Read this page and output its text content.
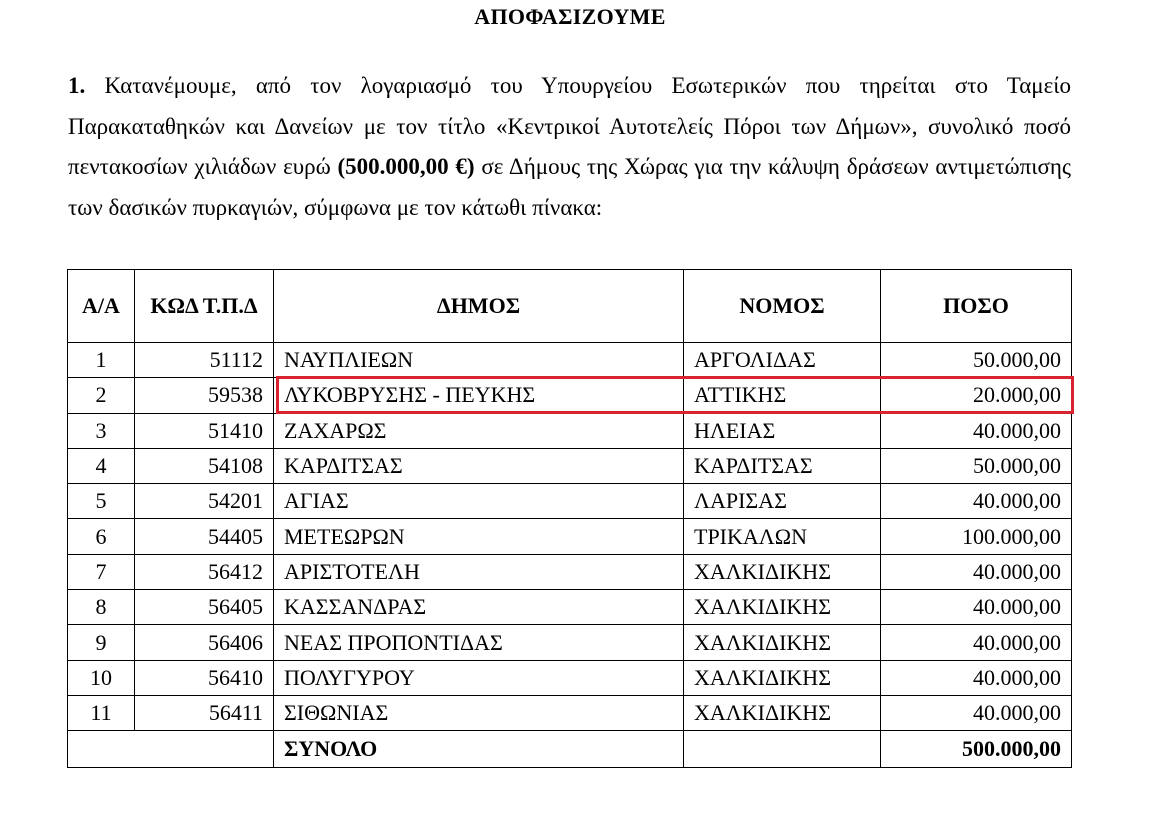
ΑΠΟΦΑΣΙΖΟΥΜΕ

1. Κατανέμουμε, από τον λογαριασμό του Υπουργείου Εσωτερικών που τηρείται στο Ταμείο Παρακαταθηκών και Δανείων με τον τίτλο «Κεντρικοί Αυτοτελείς Πόροι των Δήμων», συνολικό ποσό πεντακοσίων χιλιάδων ευρώ (500.000,00 €) σε Δήμους της Χώρας για την κάλυψη δράσεων αντιμετώπισης των δασικών πυρκαγιών, σύμφωνα με τον κάτωθι πίνακα:

Α/Α	ΚΩΔ Τ.Π.Δ	ΔΗΜΟΣ	ΝΟΜΟΣ	ΠΟΣΟ
1	51112	ΝΑΥΠΛΙΕΩΝ	ΑΡΓΟΛΙΔΑΣ	50.000,00
2	59538	ΛΥΚΟΒΡΥΣΗΣ - ΠΕΥΚΗΣ	ΑΤΤΙΚΗΣ	20.000,00
3	51410	ΖΑΧΑΡΩΣ	ΗΛΕΙΑΣ	40.000,00
4	54108	ΚΑΡΔΙΤΣΑΣ	ΚΑΡΔΙΤΣΑΣ	50.000,00
5	54201	ΑΓΙΑΣ	ΛΑΡΙΣΑΣ	40.000,00
6	54405	ΜΕΤΕΩΡΩΝ	ΤΡΙΚΑΛΩΝ	100.000,00
7	56412	ΑΡΙΣΤΟΤΕΛΗ	ΧΑΛΚΙΔΙΚΗΣ	40.000,00
8	56405	ΚΑΣΣΑΝΔΡΑΣ	ΧΑΛΚΙΔΙΚΗΣ	40.000,00
9	56406	ΝΕΑΣ ΠΡΟΠΟΝΤΙΔΑΣ	ΧΑΛΚΙΔΙΚΗΣ	40.000,00
10	56410	ΠΟΛΥΓΥΡΟΥ	ΧΑΛΚΙΔΙΚΗΣ	40.000,00
11	56411	ΣΙΘΩΝΙΑΣ	ΧΑΛΚΙΔΙΚΗΣ	40.000,00
		ΣΥΝΟΛΟ		500.000,00
